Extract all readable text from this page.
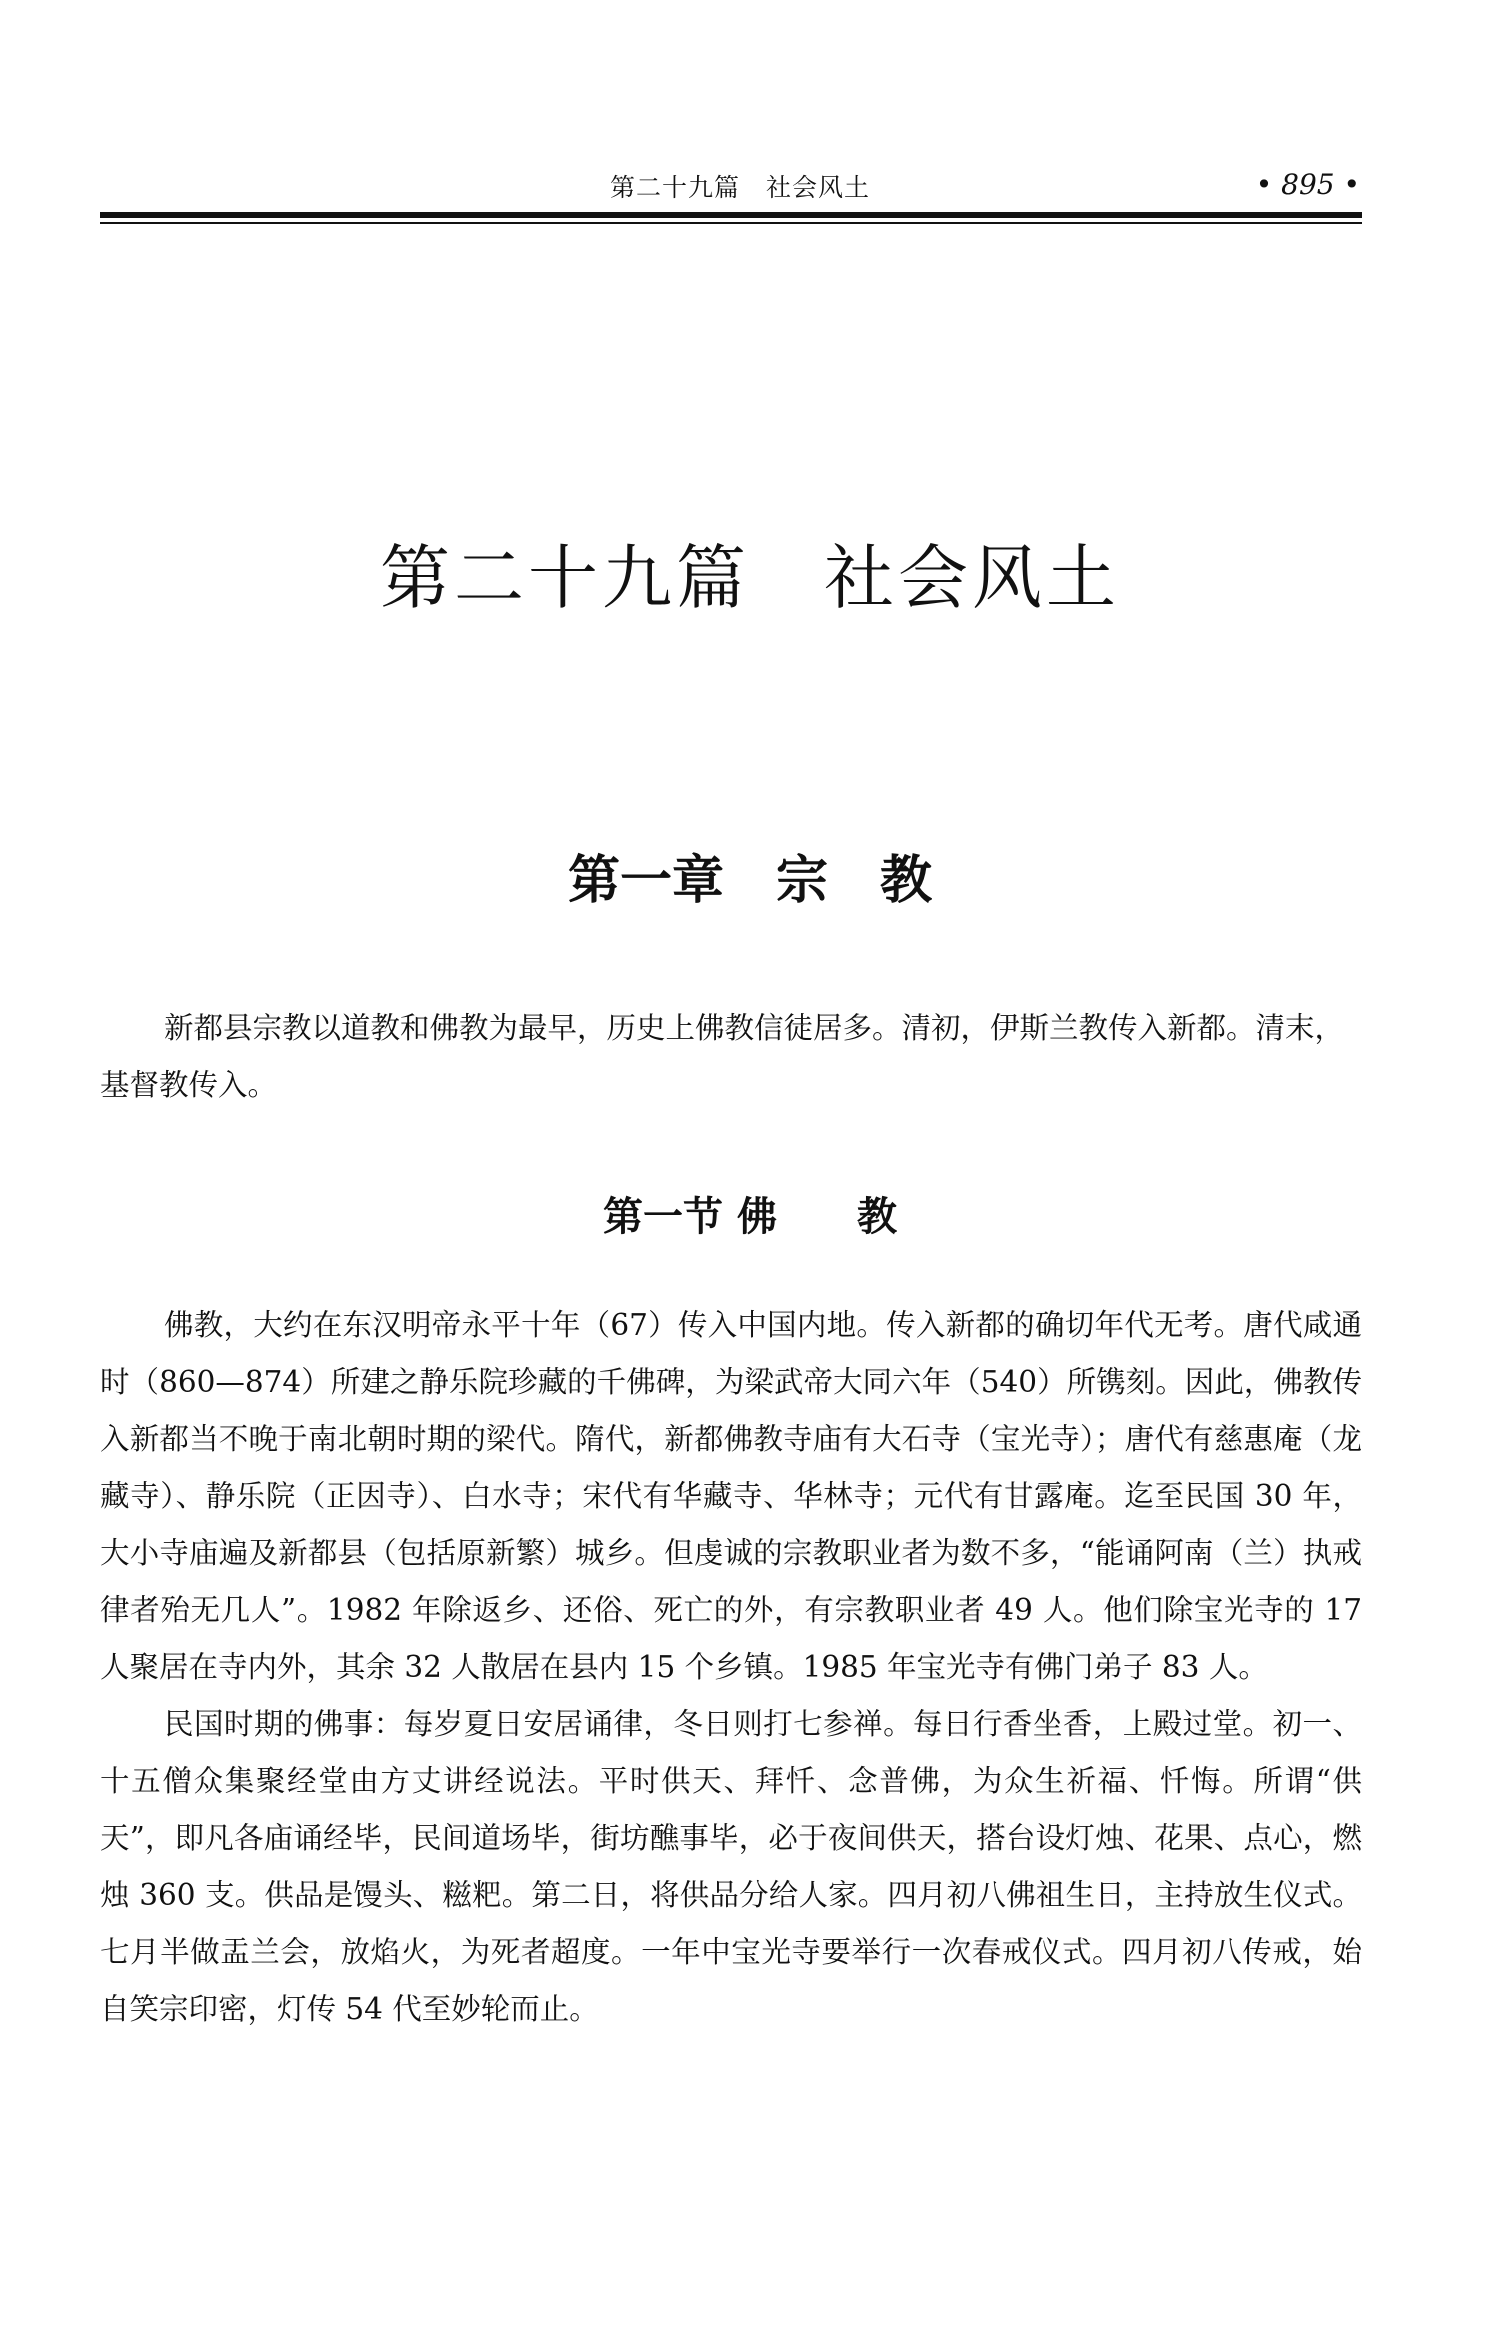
第二十九篇　社会风土	• 895 •
第二十九篇　社会风土
第一章　宗　教

新都县宗教以道教和佛教为最早，历史上佛教信徒居多。清初，伊斯兰教传入新都。清末，基督教传入。

第一节 佛　　教

佛教，大约在东汉明帝永平十年（67）传入中国内地。传入新都的确切年代无考。唐代咸通时（860—874）所建之静乐院珍藏的千佛碑，为梁武帝大同六年（540）所镌刻。因此，佛教传入新都当不晚于南北朝时期的梁代。隋代，新都佛教寺庙有大石寺（宝光寺）；唐代有慈惠庵（龙藏寺）、静乐院（正因寺）、白水寺；宋代有华藏寺、华林寺；元代有甘露庵。迄至民国 30 年，大小寺庙遍及新都县（包括原新繁）城乡。但虔诚的宗教职业者为数不多，“能诵阿南（兰）执戒律者殆无几人”。1982 年除返乡、还俗、死亡的外，有宗教职业者 49 人。他们除宝光寺的 17 人聚居在寺内外，其余 32 人散居在县内 15 个乡镇。1985 年宝光寺有佛门弟子 83 人。

民国时期的佛事：每岁夏日安居诵律，冬日则打七参禅。每日行香坐香，上殿过堂。初一、十五僧众集聚经堂由方丈讲经说法。平时供天、拜忏、念普佛，为众生祈福、忏悔。所谓“供天”，即凡各庙诵经毕，民间道场毕，街坊醮事毕，必于夜间供天，搭台设灯烛、花果、点心，燃烛 360 支。供品是馒头、糍粑。第二日，将供品分给人家。四月初八佛祖生日，主持放生仪式。七月半做盂兰会，放焰火，为死者超度。一年中宝光寺要举行一次春戒仪式。四月初八传戒，始自笑宗印密，灯传 54 代至妙轮而止。
